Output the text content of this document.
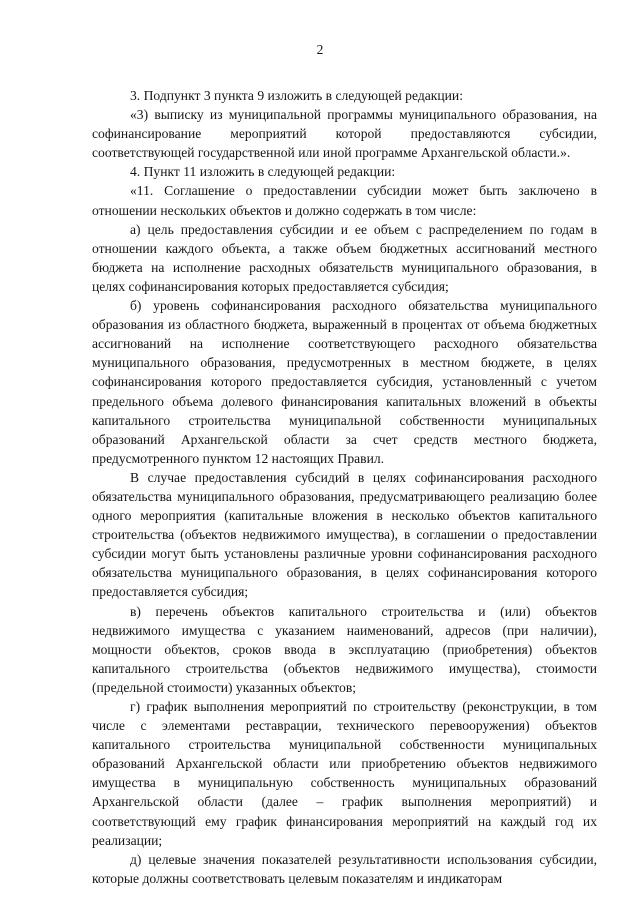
2

3. Подпункт 3 пункта 9 изложить в следующей редакции:

«3) выписку из муниципальной программы муниципального образования, на софинансирование мероприятий которой предоставляются субсидии, соответствующей государственной или иной программе Архангельской области.».

4. Пункт 11 изложить в следующей редакции:

«11. Соглашение о предоставлении субсидии может быть заключено в отношении нескольких объектов и должно содержать в том числе:

а) цель предоставления субсидии и ее объем с распределением по годам в отношении каждого объекта, а также объем бюджетных ассигнований местного бюджета на исполнение расходных обязательств муниципального образования, в целях софинансирования которых предоставляется субсидия;

б) уровень софинансирования расходного обязательства муниципального образования из областного бюджета, выраженный в процентах от объема бюджетных ассигнований на исполнение соответствующего расходного обязательства муниципального образования, предусмотренных в местном бюджете, в целях софинансирования которого предоставляется субсидия, установленный с учетом предельного объема долевого финансирования капитальных вложений в объекты капитального строительства муниципальной собственности муниципальных образований Архангельской области за счет средств местного бюджета, предусмотренного пунктом 12 настоящих Правил.

В случае предоставления субсидий в целях софинансирования расходного обязательства муниципального образования, предусматривающего реализацию более одного мероприятия (капитальные вложения в несколько объектов капитального строительства (объектов недвижимого имущества), в соглашении о предоставлении субсидии могут быть установлены различные уровни софинансирования расходного обязательства муниципального образования, в целях софинансирования которого предоставляется субсидия;

в) перечень объектов капитального строительства и (или) объектов недвижимого имущества с указанием наименований, адресов (при наличии), мощности объектов, сроков ввода в эксплуатацию (приобретения) объектов капитального строительства (объектов недвижимого имущества), стоимости (предельной стоимости) указанных объектов;

г) график выполнения мероприятий по строительству (реконструкции, в том числе с элементами реставрации, технического перевооружения) объектов капитального строительства муниципальной собственности муниципальных образований Архангельской области или приобретению объектов недвижимого имущества в муниципальную собственность муниципальных образований Архангельской области (далее – график выполнения мероприятий) и соответствующий ему график финансирования мероприятий на каждый год их реализации;

д) целевые значения показателей результативности использования субсидии, которые должны соответствовать целевым показателям и индикаторам
